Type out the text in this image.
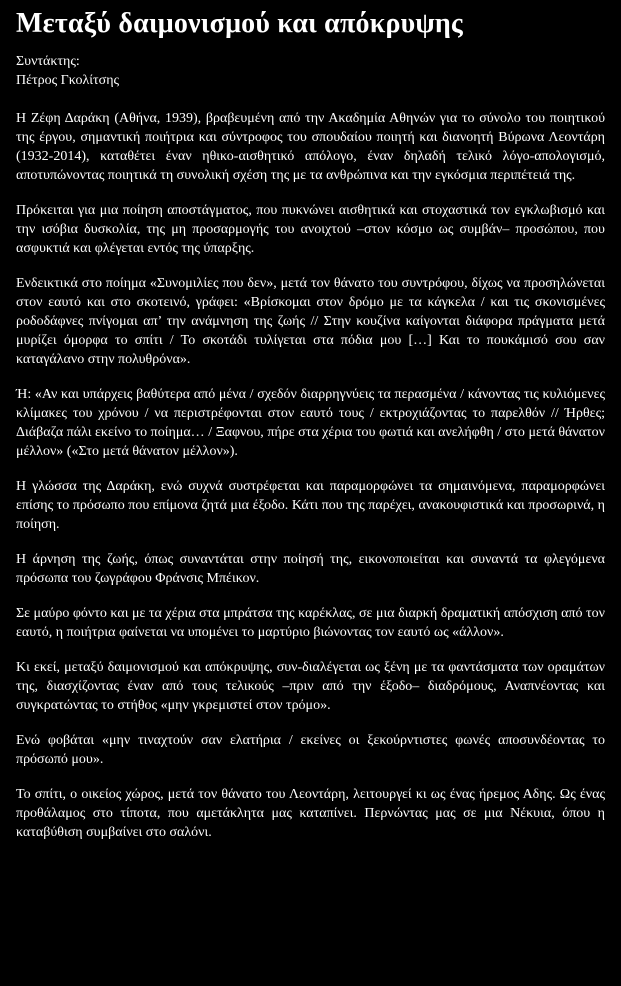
Μεταξύ δαιμονισμού και απόκρυψης
Συντάκτης:
Πέτρος Γκολίτσης

Η Ζέφη Δαράκη (Αθήνα, 1939), βραβευμένη από την Ακαδημία Αθηνών για το σύνολο του ποιητικού της έργου, σημαντική ποιήτρια και σύντροφος του σπουδαίου ποιητή και διανοητή Βύρωνα Λεοντάρη (1932-2014), καταθέτει έναν ηθικο-αισθητικό απόλογο, έναν δηλαδή τελικό λόγο-απολογισμό, αποτυπώνοντας ποιητικά τη συνολική σχέση της με τα ανθρώπινα και την εγκόσμια περιπέτειά της.

Πρόκειται για μια ποίηση αποστάγματος, που πυκνώνει αισθητικά και στοχαστικά τον εγκλωβισμό και την ισόβια δυσκολία, της μη προσαρμογής του ανοιχτού –στον κόσμο ως συμβάν– προσώπου, που ασφυκτιά και φλέγεται εντός της ύπαρξης.

Ενδεικτικά στο ποίημα «Συνομιλίες που δεν», μετά τον θάνατο του συντρόφου, δίχως να προσηλώνεται στον εαυτό και στο σκοτεινό, γράφει: «Βρίσκομαι στον δρόμο με τα κάγκελα / και τις σκονισμένες ροδοδάφνες πνίγομαι απ’ την ανάμνηση της ζωής // Στην κουζίνα καίγονται διάφορα πράγματα μετά μυρίζει όμορφα το σπίτι / Το σκοτάδι τυλίγεται στα πόδια μου […] Και το πουκάμισό σου σαν καταγάλανο στην πολυθρόνα».

Ή: «Αν και υπάρχεις βαθύτερα από μένα / σχεδόν διαρρηγνύεις τα περασμένα / κάνοντας τις κυλιόμενες κλίμακες του χρόνου / να περιστρέφονται στον εαυτό τους / εκτροχιάζοντας το παρελθόν // Ήρθες; Διάβαζα πάλι εκείνο το ποίημα… / Ξαφνου, πήρε στα χέρια του φωτιά και ανελήφθη / στο μετά θάνατον μέλλον» («Στο μετά θάνατον μέλλον»).

Η γλώσσα της Δαράκη, ενώ συχνά συστρέφεται και παραμορφώνει τα σημαινόμενα, παραμορφώνει επίσης το πρόσωπο που επίμονα ζητά μια έξοδο. Κάτι που της παρέχει, ανακουφιστικά και προσωρινά, η ποίηση.

Η άρνηση της ζωής, όπως συναντάται στην ποίησή της, εικονοποιείται και συναντά τα φλεγόμενα πρόσωπα του ζωγράφου Φράνσις Μπέικον.

Σε μαύρο φόντο και με τα χέρια στα μπράτσα της καρέκλας, σε μια διαρκή δραματική απόσχιση από τον εαυτό, η ποιήτρια φαίνεται να υπομένει το μαρτύριο βιώνοντας τον εαυτό ως «άλλον».

Κι εκεί, μεταξύ δαιμονισμού και απόκρυψης, συν-διαλέγεται ως ξένη με τα φαντάσματα των οραμάτων της, διασχίζοντας έναν από τους τελικούς –πριν από την έξοδο– διαδρόμους, Αναπνέοντας και συγκρατώντας το στήθος «μην γκρεμιστεί στον τρόμο».

Ενώ φοβάται «μην τιναχτούν σαν ελατήρια / εκείνες οι ξεκούρντιστες φωνές αποσυνδέοντας το πρόσωπό μου».

Το σπίτι, ο οικείος χώρος, μετά τον θάνατο του Λεοντάρη, λειτουργεί κι ως ένας ήρεμος Αδης. Ως ένας προθάλαμος στο τίποτα, που αμετάκλητα μας καταπίνει. Περνώντας μας σε μια Νέκυια, όπου η καταβύθιση συμβαίνει στο σαλόνι.
